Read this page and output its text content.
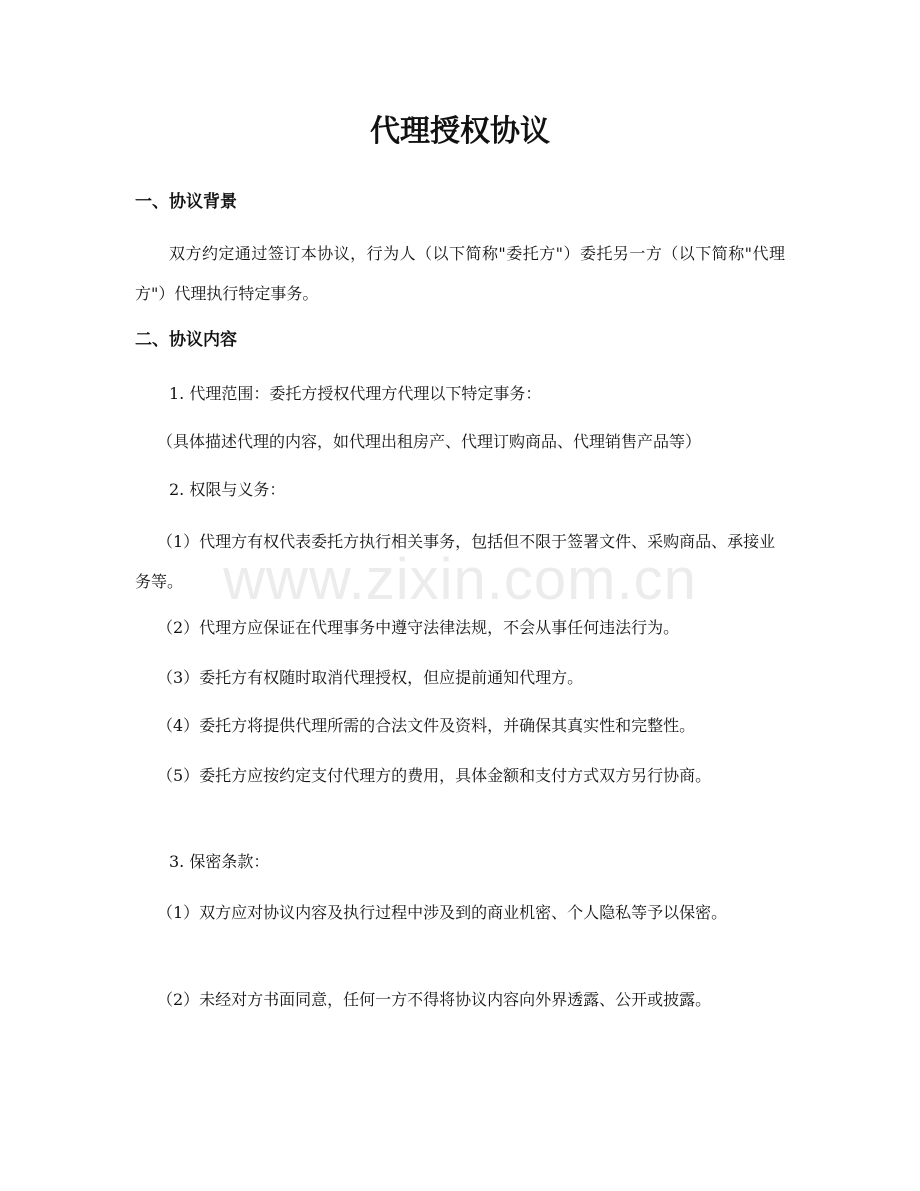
代理授权协议
一、协议背景

双方约定通过签订本协议，行为人（以下简称"委托方"）委托另一方（以下简称"代理方"）代理执行特定事务。

二、协议内容

1. 代理范围：委托方授权代理方代理以下特定事务：

（具体描述代理的内容，如代理出租房产、代理订购商品、代理销售产品等）

2. 权限与义务：

（1）代理方有权代表委托方执行相关事务，包括但不限于签署文件、采购商品、承接业务等。

（2）代理方应保证在代理事务中遵守法律法规，不会从事任何违法行为。

（3）委托方有权随时取消代理授权，但应提前通知代理方。

（4）委托方将提供代理所需的合法文件及资料，并确保其真实性和完整性。

（5）委托方应按约定支付代理方的费用，具体金额和支付方式双方另行协商。

3. 保密条款：

（1）双方应对协议内容及执行过程中涉及到的商业机密、个人隐私等予以保密。

（2）未经对方书面同意，任何一方不得将协议内容向外界透露、公开或披露。

www.zixin.com.cn
